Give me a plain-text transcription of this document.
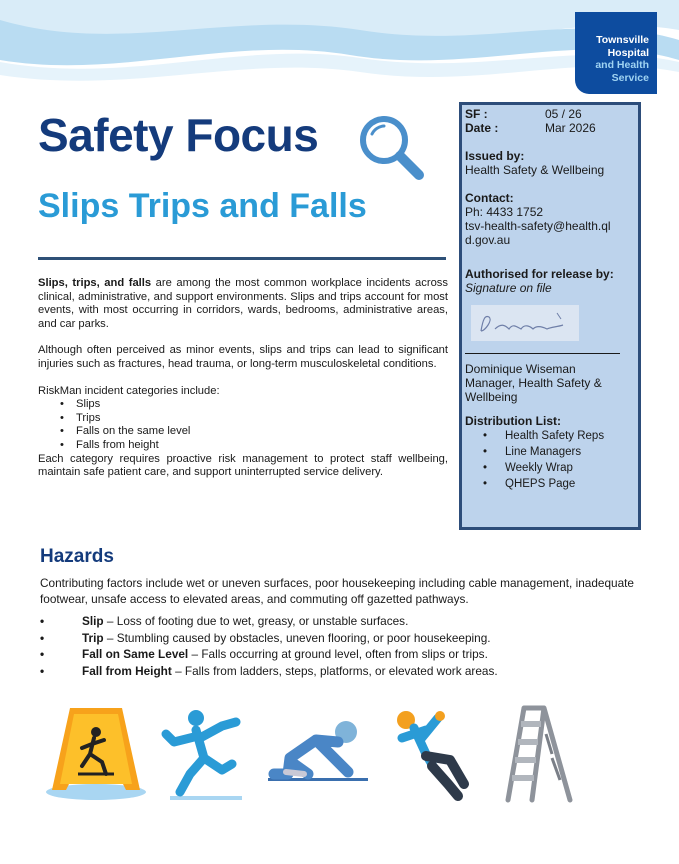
Townsville
Hospital
and Health
Service
Safety Focus
Slips Trips and Falls

Slips, trips, and falls are among the most common workplace incidents across clinical, administrative, and support environments. Slips and trips account for most events, with most occurring in corridors, wards, bedrooms, administrative areas, and car parks.

Although often perceived as minor events, slips and trips can lead to significant injuries such as fractures, head trauma, or long-term musculoskeletal conditions.

RiskMan incident categories include:
• Slips
• Trips
• Falls on the same level
• Falls from height
Each category requires proactive risk management to protect staff wellbeing, maintain safe patient care, and support uninterrupted service delivery.
SF :	05 / 26
Date :	Mar 2026
Issued by:
Health Safety & Wellbeing
Contact:
Ph: 4433 1752
tsv-health-safety@health.qld.gov.au
Authorised for release by:
Signature on file
Dominique Wiseman
Manager, Health Safety & Wellbeing
Distribution List:
• Health Safety Reps
• Line Managers
• Weekly Wrap
• QHEPS Page
Hazards
Contributing factors include wet or uneven surfaces, poor housekeeping including cable management, inadequate footwear, unsafe access to elevated areas, and commuting off gazetted pathways.
• Slip – Loss of footing due to wet, greasy, or unstable surfaces.
• Trip – Stumbling caused by obstacles, uneven flooring, or poor housekeeping.
• Fall on Same Level – Falls occurring at ground level, often from slips or trips.
• Fall from Height – Falls from ladders, steps, platforms, or elevated work areas.
